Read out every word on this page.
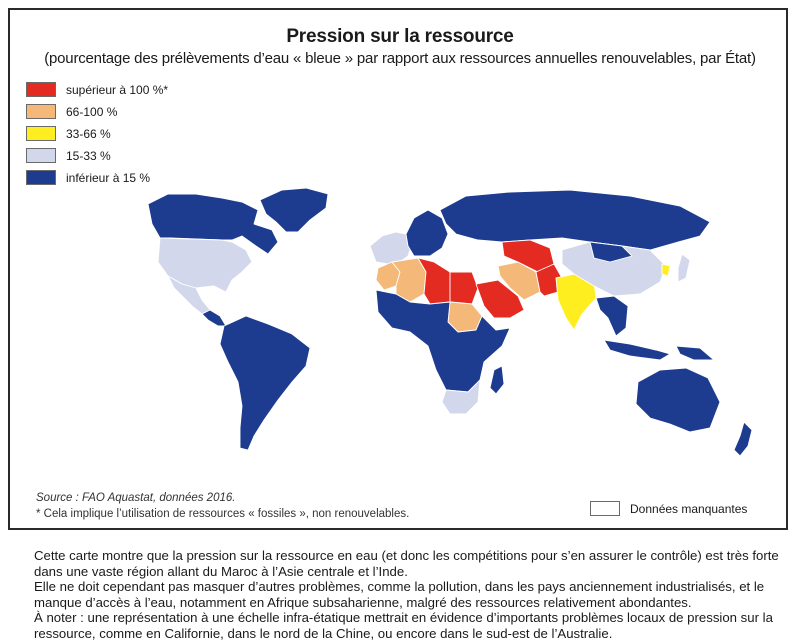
Pression sur la ressource
(pourcentage des prélèvements d’eau « bleue » par rapport aux ressources annuelles renouvelables, par État)
supérieur à 100 %*
66-100 %
33-66 %
15-33 %
inférieur à 15 %
Source : FAO Aquastat, données 2016.
* Cela implique l’utilisation de ressources « fossiles », non renouvelables.	Données manquantes

Cette carte montre que la pression sur la ressource en eau (et donc les compétitions pour s’en assurer le contrôle) est très forte dans une vaste région allant du Maroc à l’Asie centrale et l’Inde.

Elle ne doit cependant pas masquer d’autres problèmes, comme la pollution, dans les pays anciennement industrialisés, et le manque d’accès à l’eau, notamment en Afrique subsaharienne, malgré des ressources relativement abondantes.

À noter : une représentation à une échelle infra-étatique mettrait en évidence d’importants problèmes locaux de pression sur la ressource, comme en Californie, dans le nord de la Chine, ou encore dans le sud-est de l’Australie.
